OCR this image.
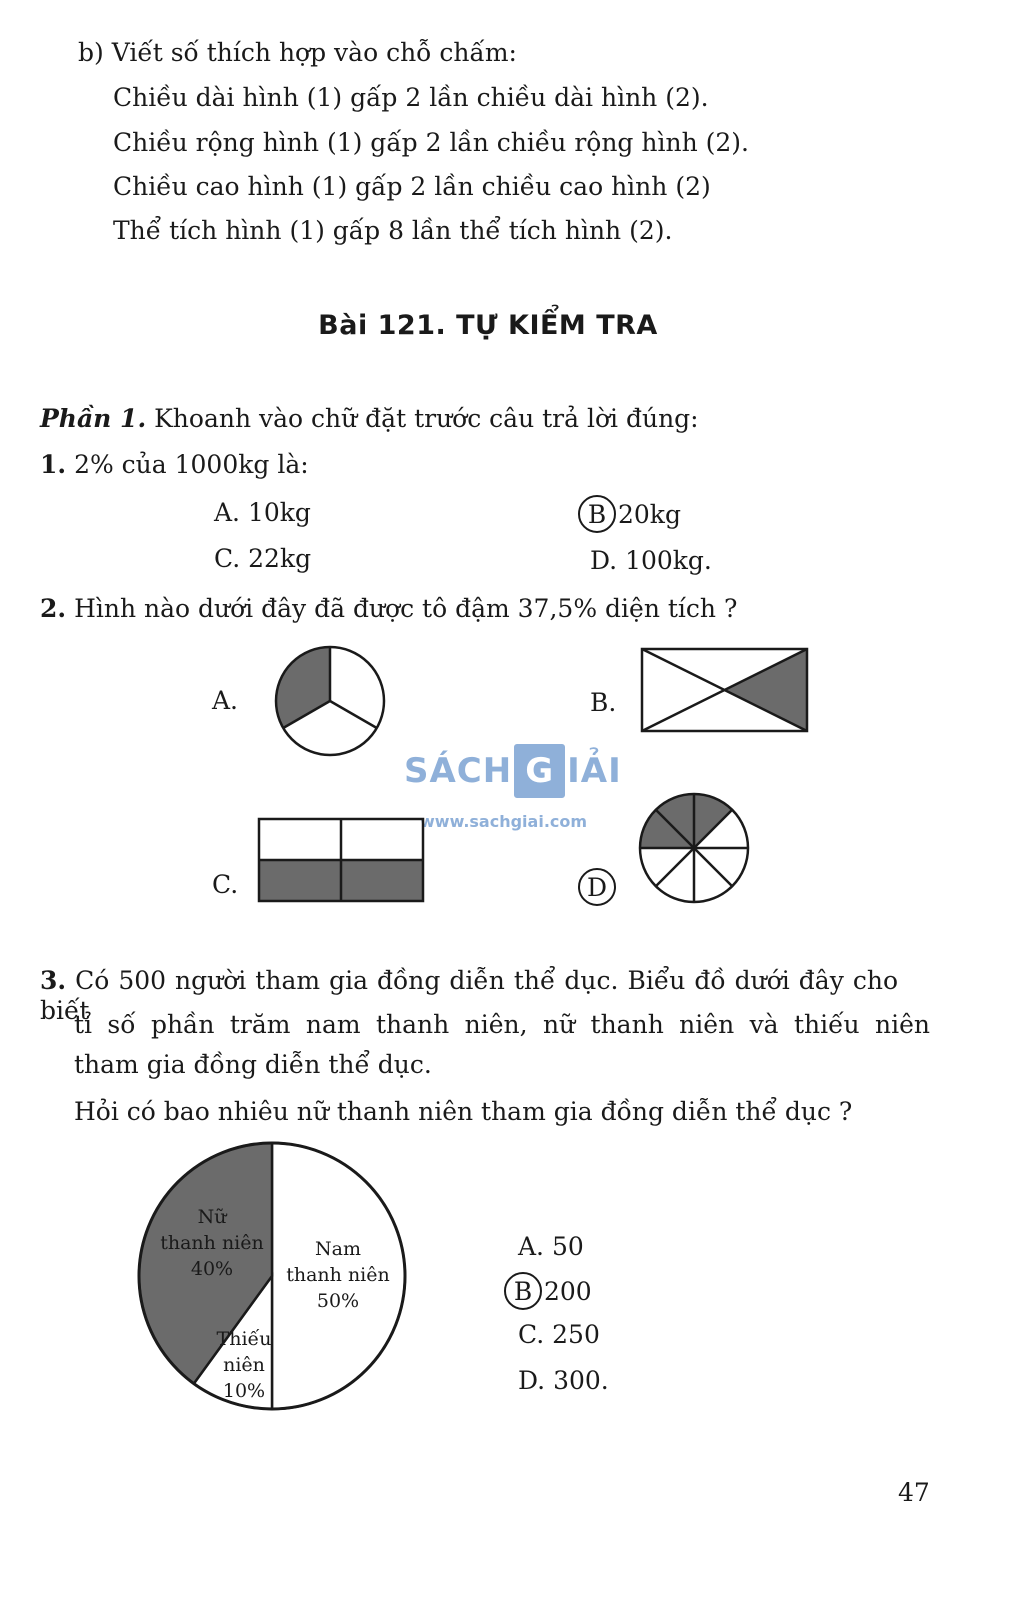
b) Viết số thích hợp vào chỗ chấm:
Chiều dài hình (1) gấp 2 lần chiều dài hình (2).
Chiều rộng hình (1) gấp 2 lần chiều rộng hình (2).
Chiều cao hình (1) gấp 2 lần chiều cao hình (2)
Thể tích hình (1) gấp 8 lần thể tích hình (2).
Bài 121. TỰ KIỂM TRA
Phần 1. Khoanh vào chữ đặt trước câu trả lời đúng:
1. 2% của 1000kg là:
A. 10kg	B 20kg
C. 22kg	D. 100kg.
2. Hình nào dưới đây đã được tô đậm 37,5% diện tích ?
A.	B.
SÁCH G IẢI
www.sachgiai.com
C.	D
3. Có 500 người tham gia đồng diễn thể dục. Biểu đồ dưới đây cho biết
tỉ số phần trăm nam thanh niên, nữ thanh niên và thiếu niên
tham gia đồng diễn thể dục.
Hỏi có bao nhiêu nữ thanh niên tham gia đồng diễn thể dục ?
Nam
thanh niên
50%
Nữ
thanh niên
40%
Thiếu
niên
10%
A. 50
B 200
C. 250
D. 300.
47
